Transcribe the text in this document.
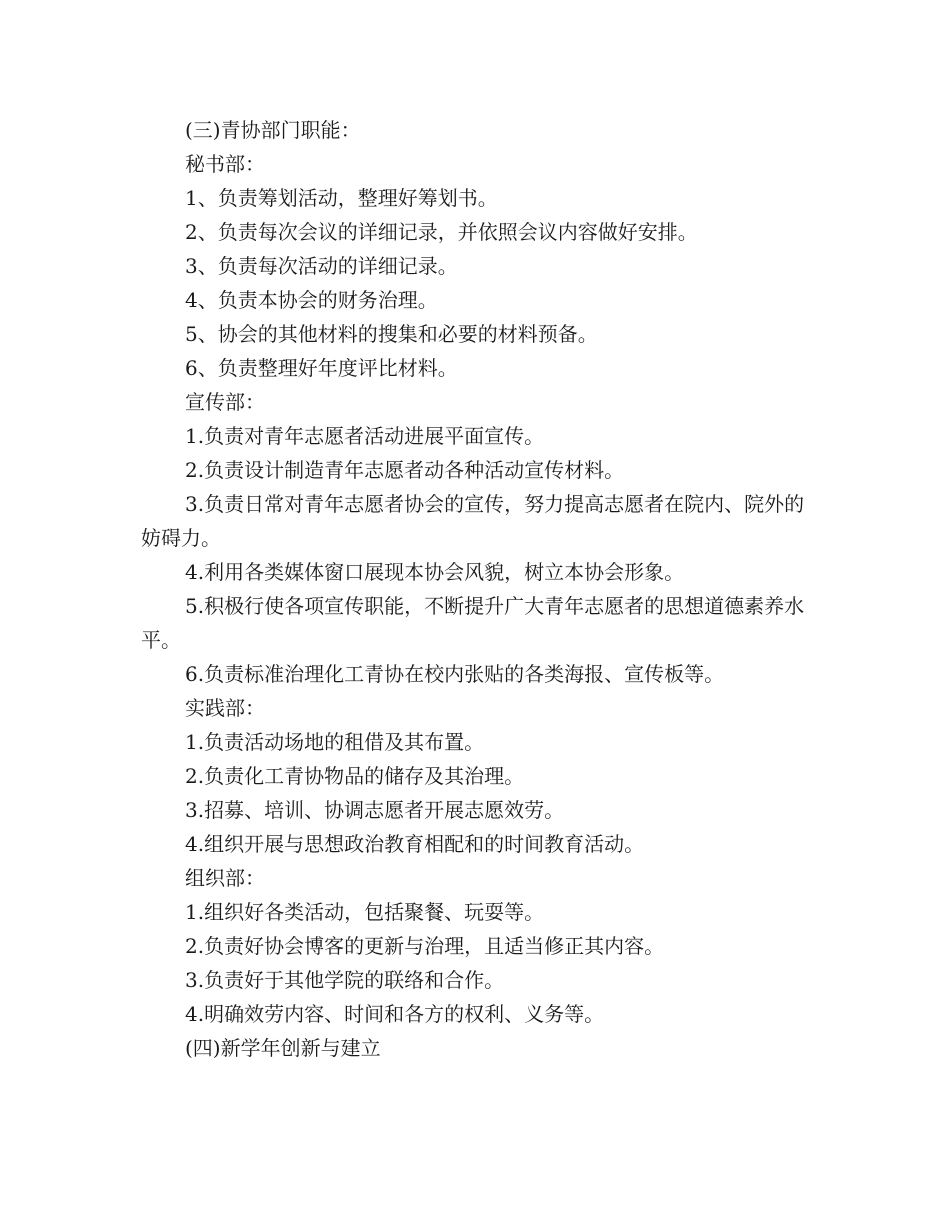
(三)青协部门职能：
秘书部：
1、负责筹划活动，整理好筹划书。
2、负责每次会议的详细记录，并依照会议内容做好安排。
3、负责每次活动的详细记录。
4、负责本协会的财务治理。
5、协会的其他材料的搜集和必要的材料预备。
6、负责整理好年度评比材料。
宣传部：
1.负责对青年志愿者活动进展平面宣传。
2.负责设计制造青年志愿者动各种活动宣传材料。
3.负责日常对青年志愿者协会的宣传，努力提高志愿者在院内、院外的妨碍力。
4.利用各类媒体窗口展现本协会风貌，树立本协会形象。
5.积极行使各项宣传职能，不断提升广大青年志愿者的思想道德素养水平。
6.负责标准治理化工青协在校内张贴的各类海报、宣传板等。
实践部：
1.负责活动场地的租借及其布置。
2.负责化工青协物品的储存及其治理。
3.招募、培训、协调志愿者开展志愿效劳。
4.组织开展与思想政治教育相配和的时间教育活动。
组织部：
1.组织好各类活动，包括聚餐、玩耍等。
2.负责好协会博客的更新与治理，且适当修正其内容。
3.负责好于其他学院的联络和合作。
4.明确效劳内容、时间和各方的权利、义务等。
(四)新学年创新与建立
